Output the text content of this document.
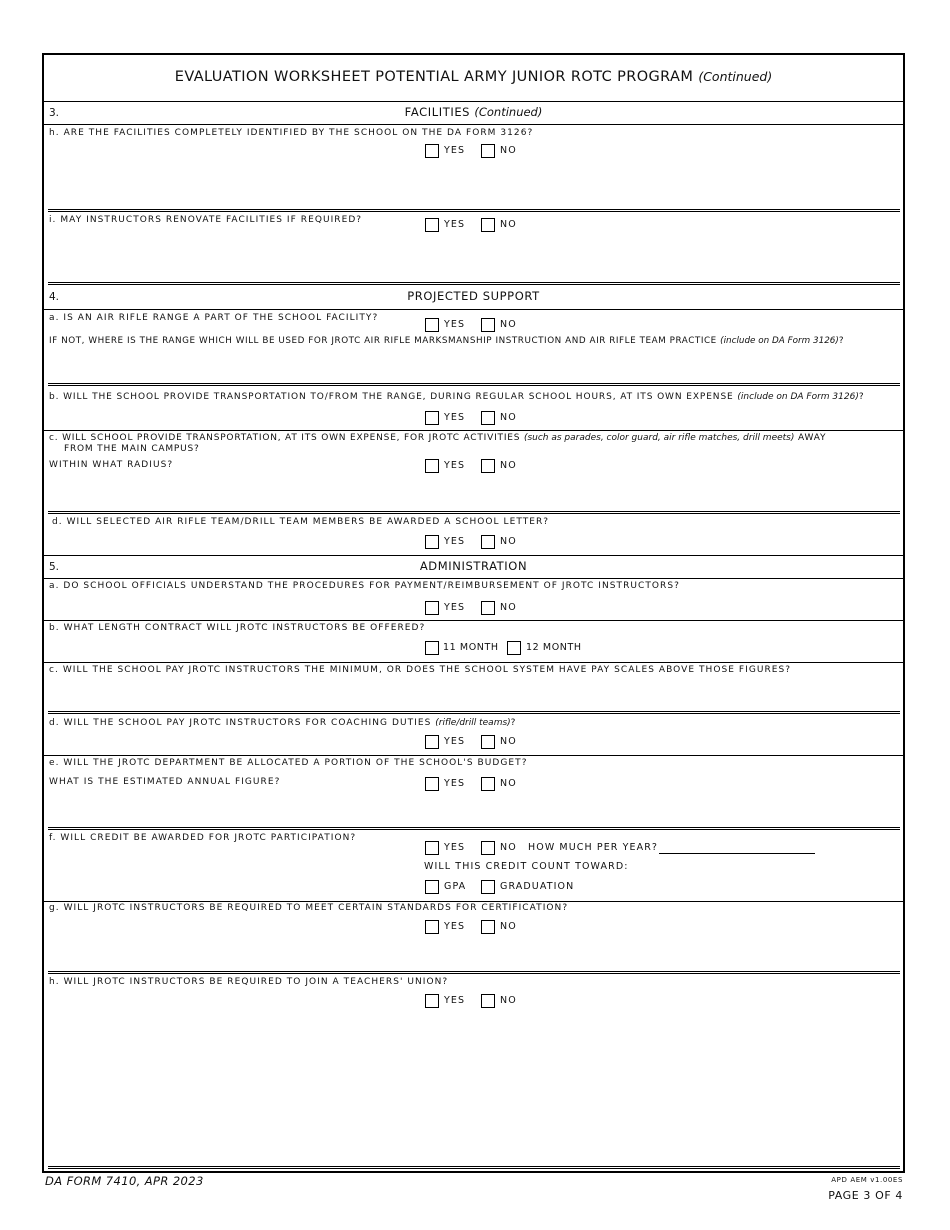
EVALUATION WORKSHEET POTENTIAL ARMY JUNIOR ROTC PROGRAM (Continued)
3.	FACILITIES (Continued)
h. ARE THE FACILITIES COMPLETELY IDENTIFIED BY THE SCHOOL ON THE DA FORM 3126?
YES	NO
i. MAY INSTRUCTORS RENOVATE FACILITIES IF REQUIRED?	YES	NO
4.	PROJECTED SUPPORT
a. IS AN AIR RIFLE RANGE A PART OF THE SCHOOL FACILITY?
YES	NO
IF NOT, WHERE IS THE RANGE WHICH WILL BE USED FOR JROTC AIR RIFLE MARKSMANSHIP INSTRUCTION AND AIR RIFLE TEAM PRACTICE (include on DA Form 3126)?
b. WILL THE SCHOOL PROVIDE TRANSPORTATION TO/FROM THE RANGE, DURING REGULAR SCHOOL HOURS, AT ITS OWN EXPENSE (include on DA Form 3126)?
YES	NO
c. WILL SCHOOL PROVIDE TRANSPORTATION, AT ITS OWN EXPENSE, FOR JROTC ACTIVITIES (such as parades, color guard, air rifle matches, drill meets) AWAY
FROM THE MAIN CAMPUS?
WITHIN WHAT RADIUS?	YES	NO
d. WILL SELECTED AIR RIFLE TEAM/DRILL TEAM MEMBERS BE AWARDED A SCHOOL LETTER?
YES	NO
5.	ADMINISTRATION
a. DO SCHOOL OFFICIALS UNDERSTAND THE PROCEDURES FOR PAYMENT/REIMBURSEMENT OF JROTC INSTRUCTORS?
YES	NO
b. WHAT LENGTH CONTRACT WILL JROTC INSTRUCTORS BE OFFERED?
11 MONTH	12 MONTH
c. WILL THE SCHOOL PAY JROTC INSTRUCTORS THE MINIMUM, OR DOES THE SCHOOL SYSTEM HAVE PAY SCALES ABOVE THOSE FIGURES?
d. WILL THE SCHOOL PAY JROTC INSTRUCTORS FOR COACHING DUTIES (rifle/drill teams)?
YES	NO
e. WILL THE JROTC DEPARTMENT BE ALLOCATED A PORTION OF THE SCHOOL'S BUDGET?
WHAT IS THE ESTIMATED ANNUAL FIGURE?	YES	NO
f. WILL CREDIT BE AWARDED FOR JROTC PARTICIPATION?
YES	NO HOW MUCH PER YEAR?
WILL THIS CREDIT COUNT TOWARD:
GPA	GRADUATION
g. WILL JROTC INSTRUCTORS BE REQUIRED TO MEET CERTAIN STANDARDS FOR CERTIFICATION?
YES	NO
h. WILL JROTC INSTRUCTORS BE REQUIRED TO JOIN A TEACHERS' UNION?
YES	NO
DA FORM 7410, APR 2023	APD AEM v1.00ES
PAGE 3 OF 4
